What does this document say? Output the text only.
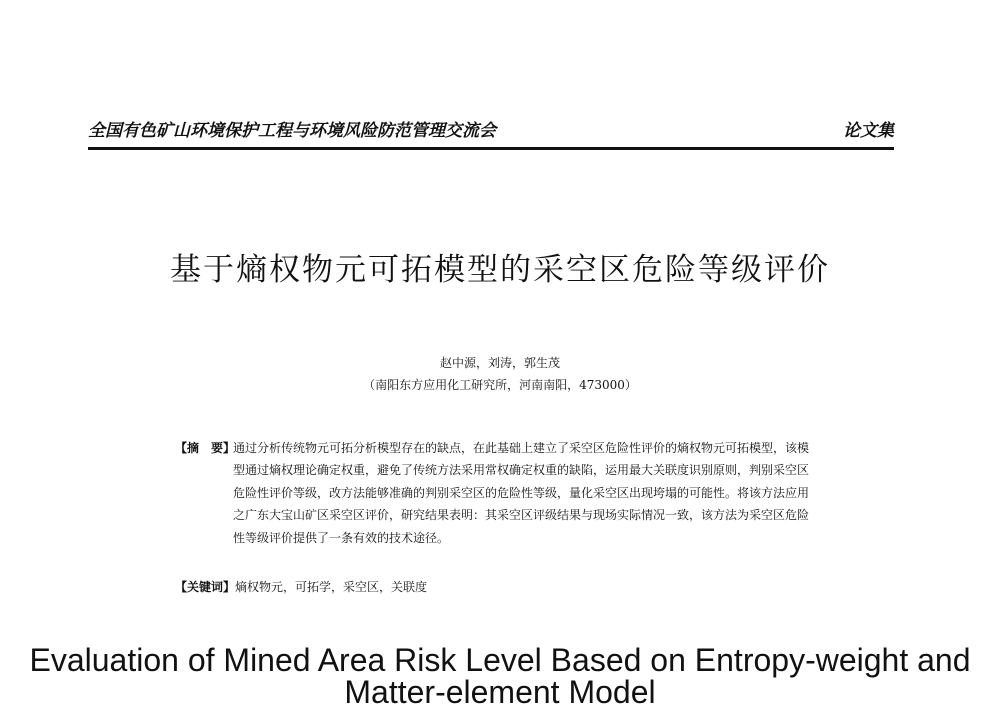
全国有色矿山环境保护工程与环境风险防范管理交流会	论文集
基于熵权物元可拓模型的采空区危险等级评价
赵中源，刘涛，郭生茂
（南阳东方应用化工研究所，河南南阳，473000）
【摘　要】
通过分析传统物元可拓分析模型存在的缺点，在此基础上建立了采空区危险性评价的熵权物元可拓模型，该模型通过熵权理论确定权重，避免了传统方法采用常权确定权重的缺陷，运用最大关联度识别原则，判别采空区危险性评价等级，改方法能够准确的判别采空区的危险性等级，量化采空区出现垮塌的可能性。将该方法应用之广东大宝山矿区采空区评价，研究结果表明：其采空区评级结果与现场实际情况一致，该方法为采空区危险性等级评价提供了一条有效的技术途径。
【关键词】熵权物元，可拓学，采空区，关联度
Evaluation of Mined Area Risk Level Based on Entropy-weight and Matter-element Model
